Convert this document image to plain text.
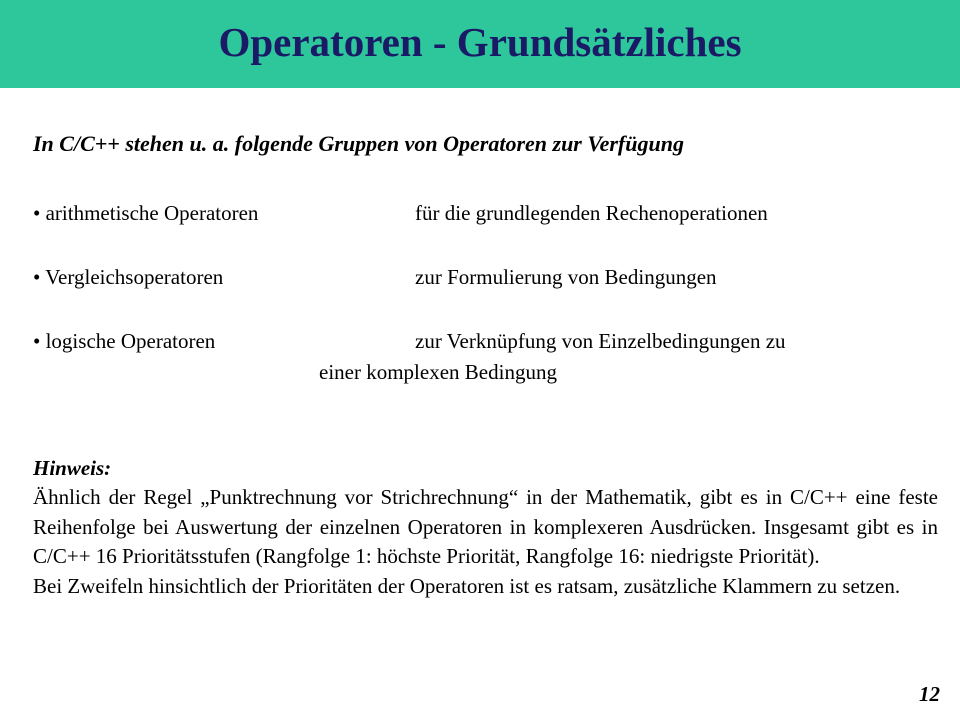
Operatoren - Grundsätzliches
In C/C++ stehen u. a. folgende Gruppen von Operatoren zur Verfügung
• arithmetische Operatoren	für die grundlegenden Rechenoperationen
• Vergleichsoperatoren	zur Formulierung von Bedingungen
• logische Operatoren	zur Verknüpfung von Einzelbedingungen zu
einer komplexen Bedingung
Hinweis:

Ähnlich der Regel „Punktrechnung vor Strichrechnung“ in der Mathematik, gibt es in C/C++ eine feste Reihenfolge bei Auswertung der einzelnen Operatoren in komplexeren Ausdrücken. Insgesamt gibt es in C/C++ 16 Prioritätsstufen (Rangfolge 1: höchste Priorität, Rangfolge 16: niedrigste Priorität).

Bei Zweifeln hinsichtlich der Prioritäten der Operatoren ist es ratsam, zusätzliche Klammern zu setzen.

12
